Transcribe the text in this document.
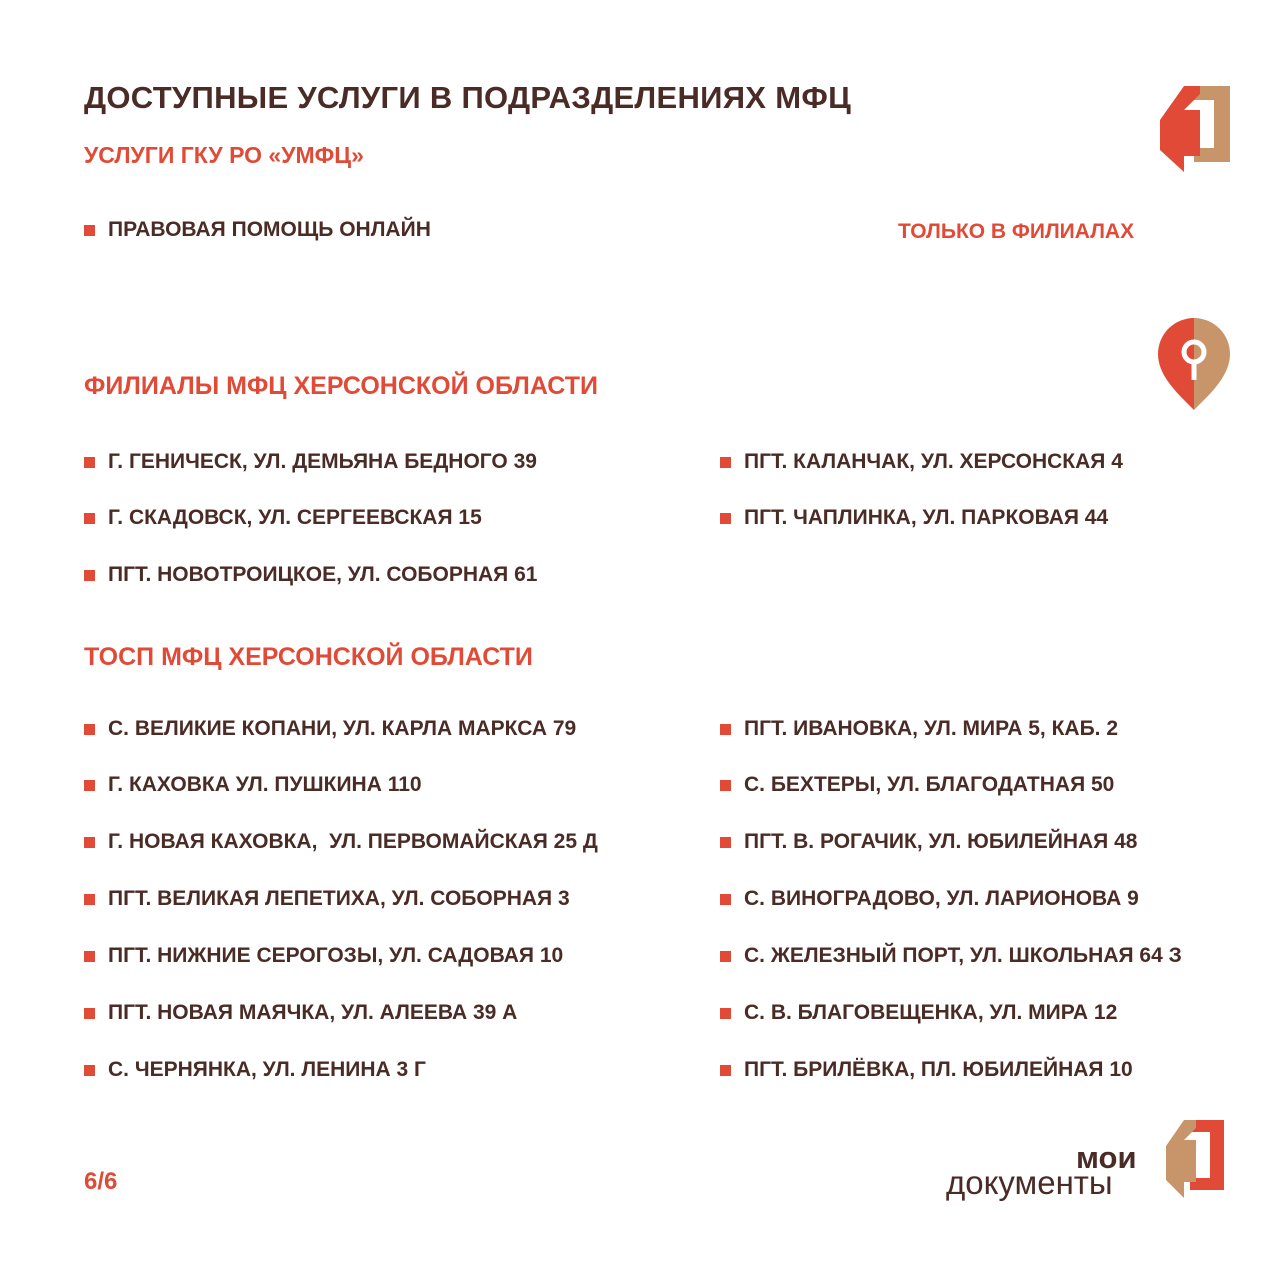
ДОСТУПНЫЕ УСЛУГИ В ПОДРАЗДЕЛЕНИЯХ МФЦ
УСЛУГИ ГКУ РО «УМФЦ»
ПРАВОВАЯ ПОМОЩЬ ОНЛАЙН	ТОЛЬКО В ФИЛИАЛАХ
ФИЛИАЛЫ МФЦ ХЕРСОНСКОЙ ОБЛАСТИ
Г. ГЕНИЧЕСК, УЛ. ДЕМЬЯНА БЕДНОГО 39
Г. СКАДОВСК, УЛ. СЕРГЕЕВСКАЯ 15
ПГТ. НОВОТРОИЦКОЕ, УЛ. СОБОРНАЯ 61
ПГТ. КАЛАНЧАК, УЛ. ХЕРСОНСКАЯ 4
ПГТ. ЧАПЛИНКА, УЛ. ПАРКОВАЯ 44
ТОСП МФЦ ХЕРСОНСКОЙ ОБЛАСТИ
С. ВЕЛИКИЕ КОПАНИ, УЛ. КАРЛА МАРКСА 79
Г. КАХОВКА УЛ. ПУШКИНА 110
Г. НОВАЯ КАХОВКА,  УЛ. ПЕРВОМАЙСКАЯ 25 Д
ПГТ. ВЕЛИКАЯ ЛЕПЕТИХА, УЛ. СОБОРНАЯ 3
ПГТ. НИЖНИЕ СЕРОГОЗЫ, УЛ. САДОВАЯ 10
ПГТ. НОВАЯ МАЯЧКА, УЛ. АЛЕЕВА 39 А
С. ЧЕРНЯНКА, УЛ. ЛЕНИНА 3 Г
ПГТ. ИВАНОВКА, УЛ. МИРА 5, КАБ. 2
С. БЕХТЕРЫ, УЛ. БЛАГОДАТНАЯ 50
ПГТ. В. РОГАЧИК, УЛ. ЮБИЛЕЙНАЯ 48
С. ВИНОГРАДОВО, УЛ. ЛАРИОНОВА 9
С. ЖЕЛЕЗНЫЙ ПОРТ, УЛ. ШКОЛЬНАЯ 64 З
С. В. БЛАГОВЕЩЕНКА, УЛ. МИРА 12
ПГТ. БРИЛЁВКА, ПЛ. ЮБИЛЕЙНАЯ 10
6/6
мои
документы
